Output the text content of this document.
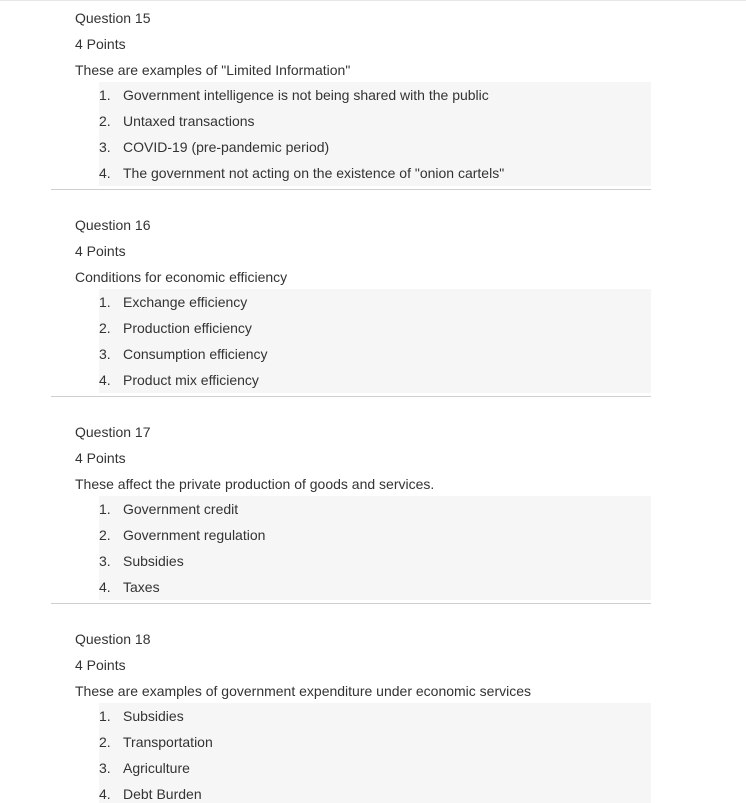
Question 15
4 Points
These are examples of "Limited Information"
1. Government intelligence is not being shared with the public
2. Untaxed transactions
3. COVID-19 (pre-pandemic period)
4. The government not acting on the existence of "onion cartels"
Question 16
4 Points
Conditions for economic efficiency
1. Exchange efficiency
2. Production efficiency
3. Consumption efficiency
4. Product mix efficiency
Question 17
4 Points
These affect the private production of goods and services.
1. Government credit
2. Government regulation
3. Subsidies
4. Taxes
Question 18
4 Points
These are examples of government expenditure under economic services
1. Subsidies
2. Transportation
3. Agriculture
4. Debt Burden
